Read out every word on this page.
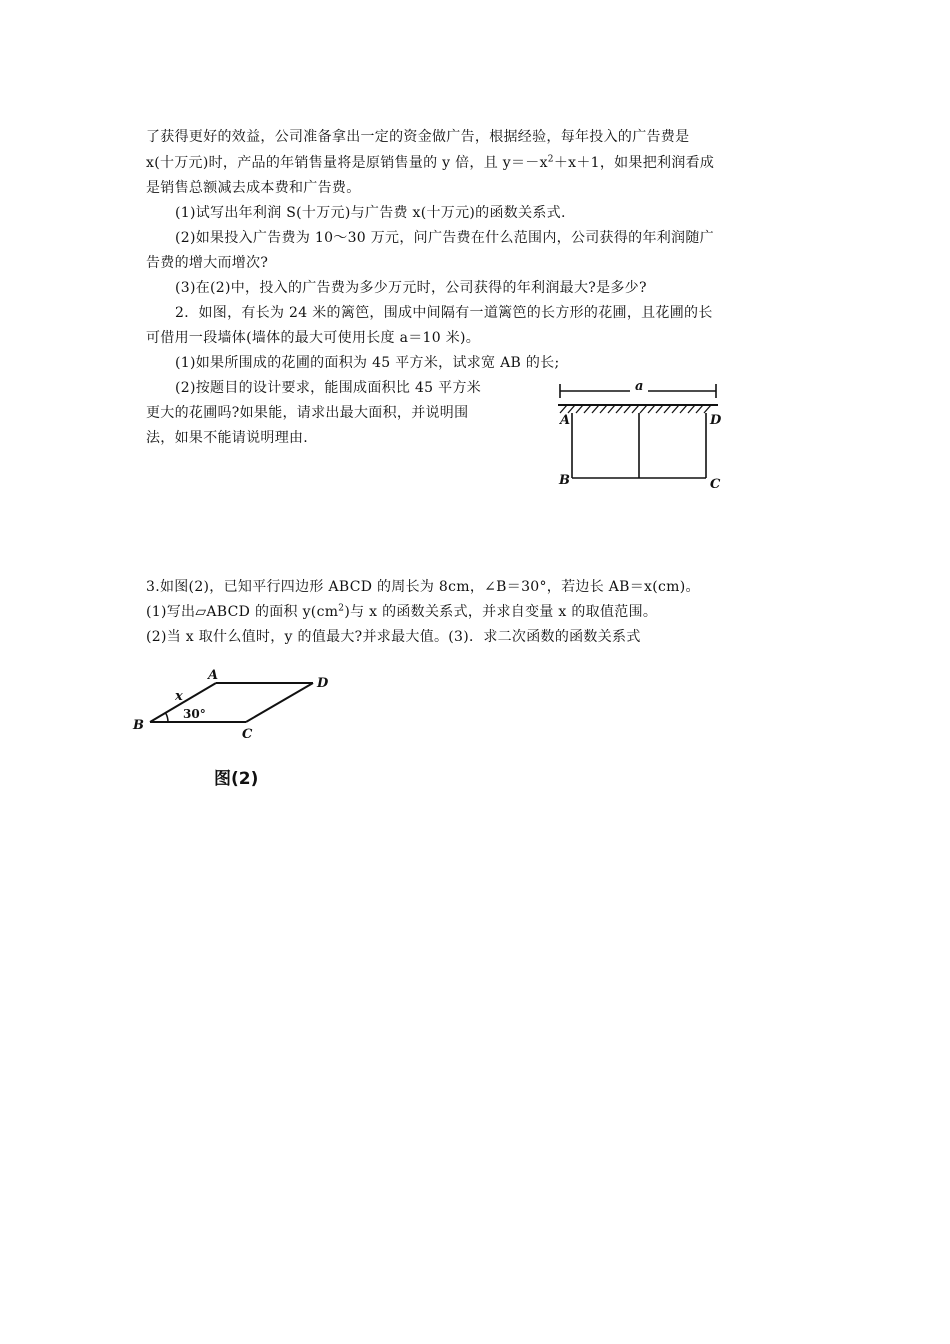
了获得更好的效益，公司准备拿出一定的资金做广告，根据经验，每年投入的广告费是
x(十万元)时，产品的年销售量将是原销售量的 y 倍，且 $y=-x^2+x+1$，如果把利润看成
是销售总额减去成本费和广告费。
(1)试写出年利润 S(十万元)与广告费 x(十万元)的函数关系式.
(2)如果投入广告费为 10～30 万元，问广告费在什么范围内，公司获得的年利润随广
告费的增大而增次?
(3)在(2)中，投入的广告费为多少万元时，公司获得的年利润最大?是多少?
2．如图，有长为 24 米的篱笆，围成中间隔有一道篱笆的长方形的花圃，且花圃的长
可借用一段墙体(墙体的最大可使用长度 a＝10 米)。
(1)如果所围成的花圃的面积为 45 平方米，试求宽 AB 的长;
(2)按题目的设计要求，能围成面积比 45 平方米
更大的花圃吗?如果能，请求出最大面积，并说明围
法，如果不能请说明理由.
a
A	D
B	C
3.如图(2)，已知平行四边形 ABCD 的周长为 8cm，∠B＝30°，若边长 AB＝x(cm)。
(1)写出▱ABCD 的面积 $y(cm^2)$与 x 的函数关系式，并求自变量 x 的取值范围。
(2)当 x 取什么值时，y 的值最大?并求最大值。(3)．求二次函数的函数关系式
A
D
B
C
x
30°
图(2)
